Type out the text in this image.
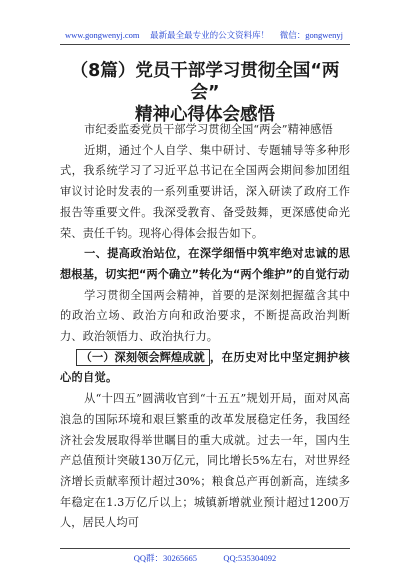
www.gongwenyj.com 最新最全最专业的公文资料库！ 微信：gongwenyj
（8篇）党员干部学习贯彻全国“两会”
精神心得体会感悟

市纪委监委党员干部学习贯彻全国“两会”精神感悟

近期，通过个人自学、集中研讨、专题辅导等多种形式，我系统学习了习近平总书记在全国两会期间参加团组审议讨论时发表的一系列重要讲话，深入研读了政府工作报告等重要文件。我深受教育、备受鼓舞，更深感使命光荣、责任千钧。现将心得体会报告如下。

一、提高政治站位，在深学细悟中筑牢绝对忠诚的思想根基，切实把“两个确立”转化为“两个维护”的自觉行动

学习贯彻全国两会精神，首要的是深刻把握蕴含其中的政治立场、政治方向和政治要求，不断提高政治判断力、政治领悟力、政治执行力。

（一）深刻领会辉煌成就 ，在历史对比中坚定拥护核心的自觉。

从“十四五”圆满收官到“十五五”规划开局，面对风高浪急的国际环境和艰巨繁重的改革发展稳定任务，我国经济社会发展取得举世瞩目的重大成就。过去一年，国内生产总值预计突破130万亿元，同比增长5%左右，对世界经济增长贡献率预计超过30%；粮食总产再创新高，连续多年稳定在1.3万亿斤以上；城镇新增就业预计超过1200万人，居民人均可

QQ群：30265665	QQ:535304092
